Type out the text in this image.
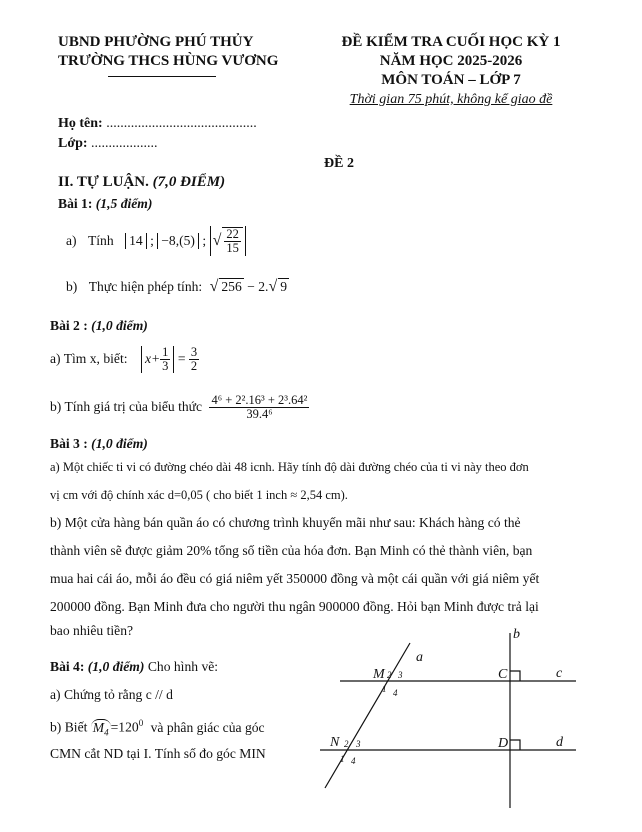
UBND PHƯỜNG PHÚ THỦY
TRƯỜNG THCS HÙNG VƯƠNG
ĐỀ KIỂM TRA CUỐI HỌC KỲ 1
NĂM HỌC 2025-2026
MÔN TOÁN – LỚP 7
Thời gian 75 phút, không kể giao đề
Họ tên: ...........................................
Lớp: ...................
ĐỀ 2
II. TỰ LUẬN. (7,0 ĐIỂM)
Bài 1: (1,5 điểm)
a) Tính 14 ; −8,(5) ; √ $\frac{22}{15}$
b) Thực hiện phép tính: √ 256 − 2.√ 9
Bài 2 : (1,0 điểm)
a) Tìm x, biết: $x+ \frac{1}{3} = \frac{3}{2}$
b) Tính giá trị của biểu thức $\frac{\text{4⁶ + 2².16³ + 2³.64²}}{\text{39.4⁶}}$
Bài 3 : (1,0 điểm)
a) Một chiếc ti vi có đường chéo dài 48 icnh. Hãy tính độ dài đường chéo của ti vi này theo đơn
vị cm với độ chính xác d=0,05 ( cho biết 1 inch ≈ 2,54 cm).
b) Một cửa hàng bán quần áo có chương trình khuyến mãi như sau: Khách hàng có thẻ
thành viên sẽ được giảm 20% tổng số tiền của hóa đơn. Bạn Minh có thẻ thành viên, bạn
mua hai cái áo, mỗi áo đều có giá niêm yết 350000 đồng và một cái quần với giá niêm yết
200000 đồng. Bạn Minh đưa cho người thu ngân 900000 đồng. Hỏi bạn Minh được trả lại
bao nhiêu tiền?
Bài 4: (1,0 điểm) Cho hình vẽ:
a) Chứng tỏ rằng c // d
b) Biết $M_4 =120^0$ và phân giác của góc
CMN cắt ND tại I. Tính số đo góc MIN
b
a
c
d
M
N
C
D
2 3
1 4
2 3
1 4
